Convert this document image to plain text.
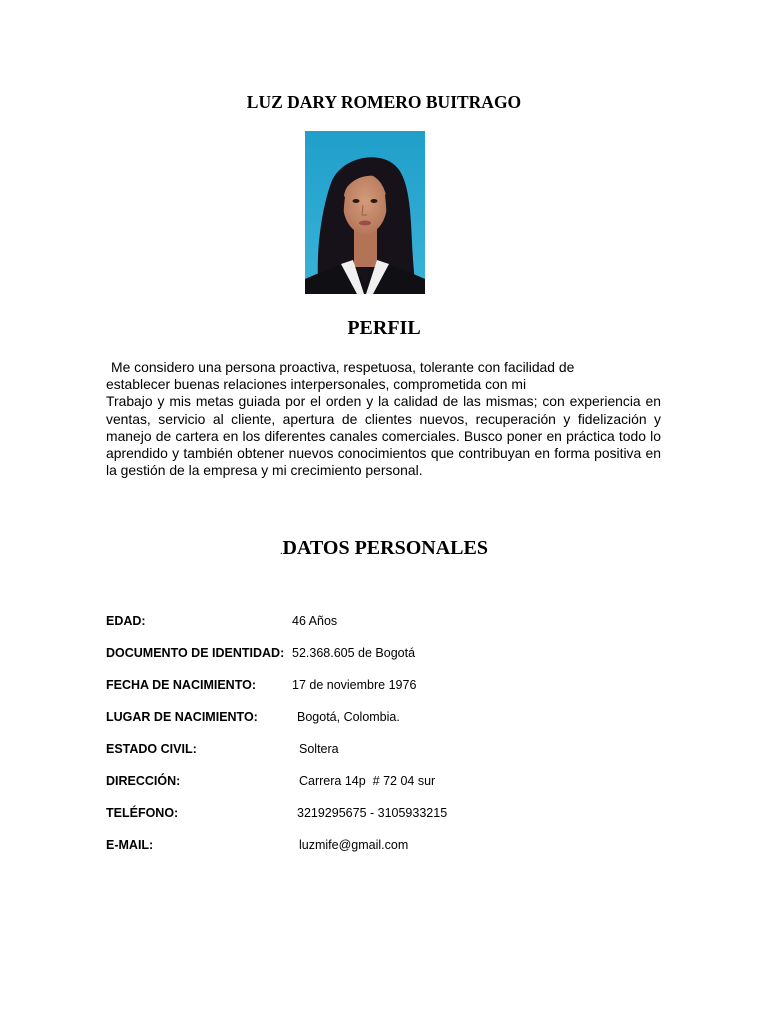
LUZ DARY ROMERO BUITRAGO
PERFIL
Me considero una persona proactiva, respetuosa, tolerante con facilidad de
establecer buenas relaciones interpersonales, comprometida con mi
Trabajo y mis metas guiada por el orden y la calidad de las mismas; con experiencia en
ventas, servicio al cliente, apertura de clientes nuevos, recuperación y fidelización y
manejo de cartera en los diferentes canales comerciales. Busco poner en práctica todo lo
aprendido y también obtener nuevos conocimientos que contribuyan en forma positiva en
la gestión de la empresa y mi crecimiento personal.
.DATOS PERSONALES
EDAD:	46 Años
DOCUMENTO DE IDENTIDAD: 52.368.605 de Bogotá
FECHA DE NACIMIENTO:	17 de noviembre 1976
LUGAR DE NACIMIENTO:	Bogotá, Colombia.
ESTADO CIVIL:	Soltera
DIRECCIÓN:	Carrera 14p  # 72 04 sur
TELÉFONO:	3219295675 - 3105933215
E-MAIL:	luzmife@gmail.com
